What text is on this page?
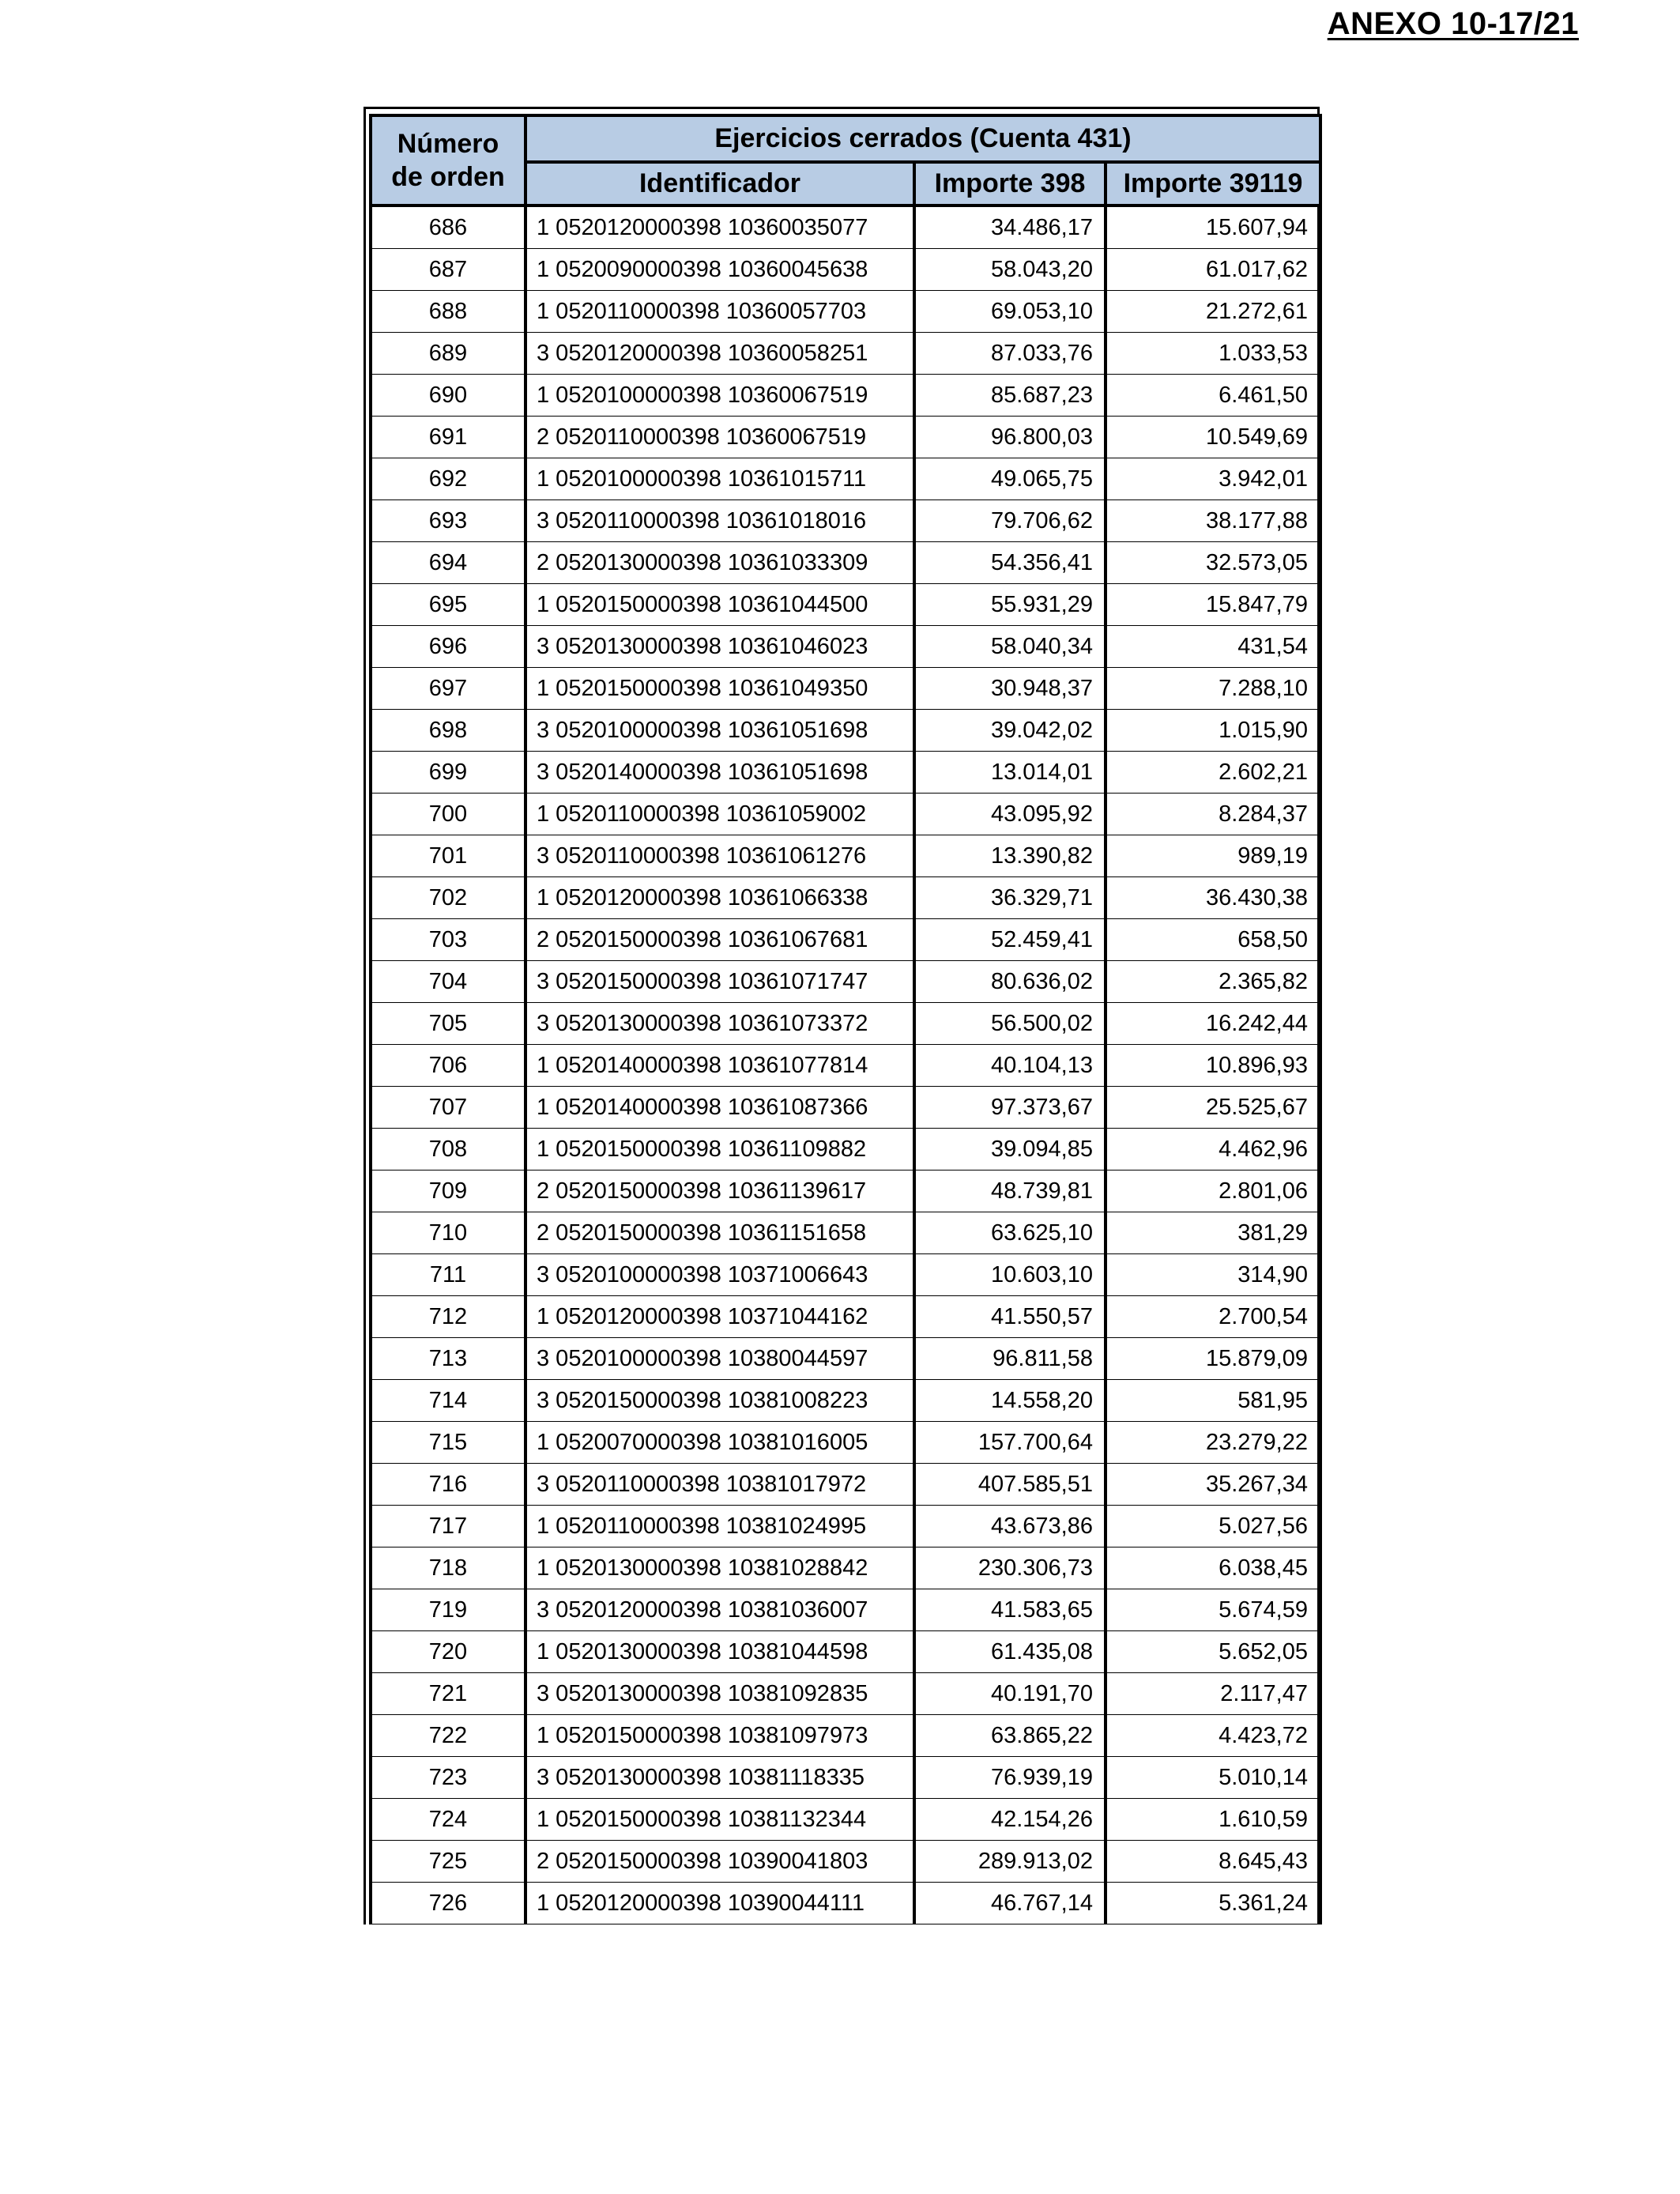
ANEXO 10-17/21
Número
de orden	Ejercicios cerrados (Cuenta 431)		
	Identificador	Importe 398	Importe 39119
686	1 0520120000398 10360035077	34.486,17	15.607,94
687	1 0520090000398 10360045638	58.043,20	61.017,62
688	1 0520110000398 10360057703	69.053,10	21.272,61
689	3 0520120000398 10360058251	87.033,76	1.033,53
690	1 0520100000398 10360067519	85.687,23	6.461,50
691	2 0520110000398 10360067519	96.800,03	10.549,69
692	1 0520100000398 10361015711	49.065,75	3.942,01
693	3 0520110000398 10361018016	79.706,62	38.177,88
694	2 0520130000398 10361033309	54.356,41	32.573,05
695	1 0520150000398 10361044500	55.931,29	15.847,79
696	3 0520130000398 10361046023	58.040,34	431,54
697	1 0520150000398 10361049350	30.948,37	7.288,10
698	3 0520100000398 10361051698	39.042,02	1.015,90
699	3 0520140000398 10361051698	13.014,01	2.602,21
700	1 0520110000398 10361059002	43.095,92	8.284,37
701	3 0520110000398 10361061276	13.390,82	989,19
702	1 0520120000398 10361066338	36.329,71	36.430,38
703	2 0520150000398 10361067681	52.459,41	658,50
704	3 0520150000398 10361071747	80.636,02	2.365,82
705	3 0520130000398 10361073372	56.500,02	16.242,44
706	1 0520140000398 10361077814	40.104,13	10.896,93
707	1 0520140000398 10361087366	97.373,67	25.525,67
708	1 0520150000398 10361109882	39.094,85	4.462,96
709	2 0520150000398 10361139617	48.739,81	2.801,06
710	2 0520150000398 10361151658	63.625,10	381,29
711	3 0520100000398 10371006643	10.603,10	314,90
712	1 0520120000398 10371044162	41.550,57	2.700,54
713	3 0520100000398 10380044597	96.811,58	15.879,09
714	3 0520150000398 10381008223	14.558,20	581,95
715	1 0520070000398 10381016005	157.700,64	23.279,22
716	3 0520110000398 10381017972	407.585,51	35.267,34
717	1 0520110000398 10381024995	43.673,86	5.027,56
718	1 0520130000398 10381028842	230.306,73	6.038,45
719	3 0520120000398 10381036007	41.583,65	5.674,59
720	1 0520130000398 10381044598	61.435,08	5.652,05
721	3 0520130000398 10381092835	40.191,70	2.117,47
722	1 0520150000398 10381097973	63.865,22	4.423,72
723	3 0520130000398 10381118335	76.939,19	5.010,14
724	1 0520150000398 10381132344	42.154,26	1.610,59
725	2 0520150000398 10390041803	289.913,02	8.645,43
726	1 0520120000398 10390044111	46.767,14	5.361,24
